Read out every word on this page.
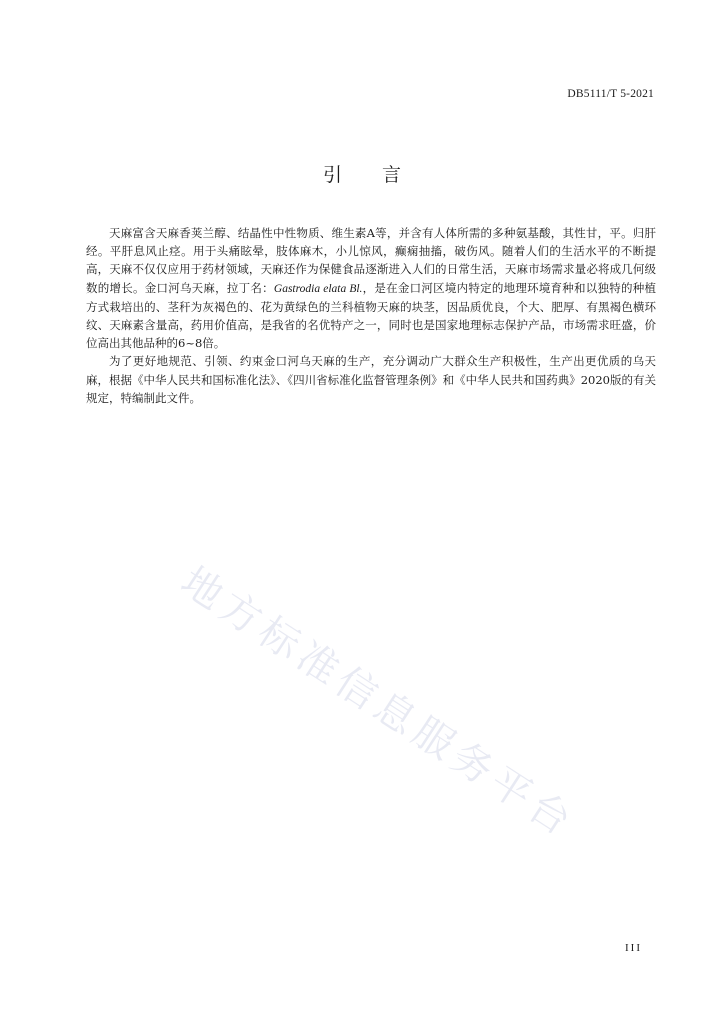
DB5111/T 5-2021
引言

天麻富含天麻香荚兰醇、结晶性中性物质、维生素A等，并含有人体所需的多种氨基酸，其性甘，平。归肝经。平肝息风止痉。用于头痛眩晕，肢体麻木，小儿惊风，癫痫抽搐，破伤风。随着人们的生活水平的不断提高，天麻不仅仅应用于药材领域，天麻还作为保健食品逐渐进入人们的日常生活，天麻市场需求量必将成几何级数的增长。金口河乌天麻，拉丁名：Gastrodia elata Bl.，是在金口河区境内特定的地理环境育种和以独特的种植方式栽培出的、茎秆为灰褐色的、花为黄绿色的兰科植物天麻的块茎，因品质优良，个大、肥厚、有黑褐色横环纹、天麻素含量高，药用价值高，是我省的名优特产之一，同时也是国家地理标志保护产品，市场需求旺盛，价位高出其他品种的6~8倍。

为了更好地规范、引领、约束金口河乌天麻的生产，充分调动广大群众生产积极性，生产出更优质的乌天麻，根据《中华人民共和国标准化法》、《四川省标准化监督管理条例》和《中华人民共和国药典》2020版的有关规定，特编制此文件。

地方标准信息服务平台
III
